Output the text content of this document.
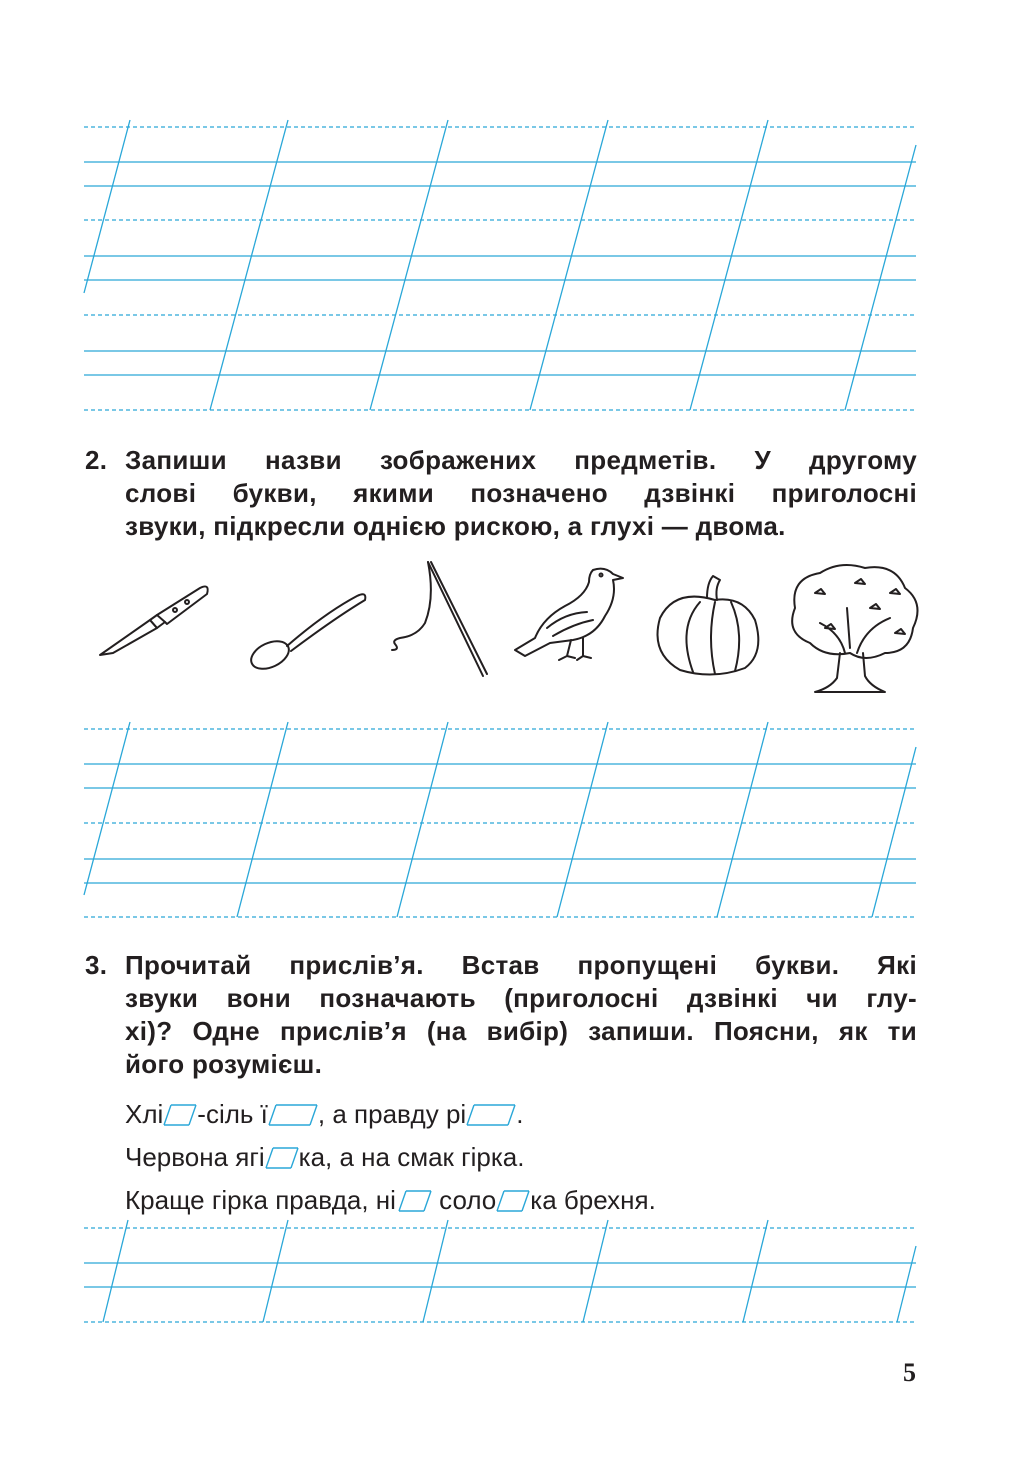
2. Запиши назви зображених предметів. У другому
слові букви, якими позначено дзвінкі приголосні
звуки, підкресли однією рискою, а глухі — двома.
3. Прочитай прислів’я. Встав пропущені букви. Які
звуки вони позначають (приголосні дзвінкі чи глу-
хі)? Одне прислів’я (на вибір) запиши. Поясни, як ти
його розумієш.
Хлі -сіль ї , а правду рі .
Червона ягі ка, а на смак гірка.
Краще гірка правда, ні
соло ка брехня.
5
